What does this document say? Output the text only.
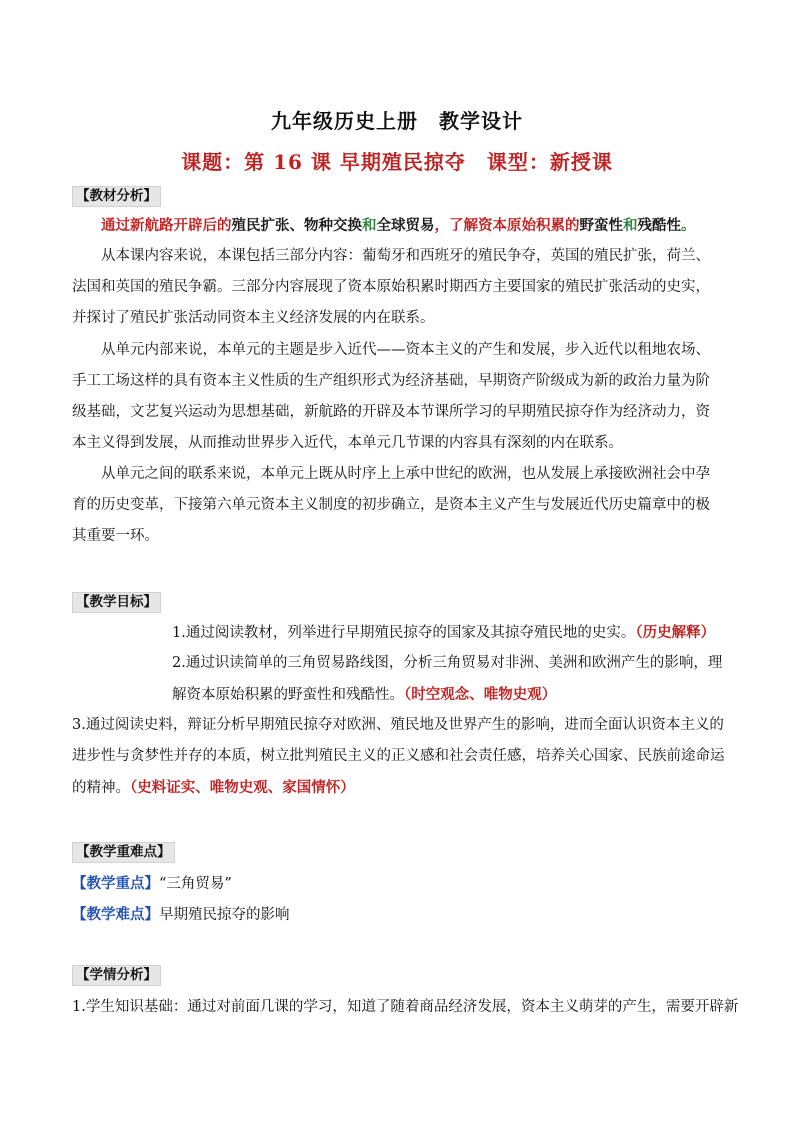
九年级历史上册　教学设计
课题：第 16 课 早期殖民掠夺　课型：新授课
【教材分析】
通过新航路开辟后的殖民扩张、物种交换和全球贸易，了解资本原始积累的野蛮性和残酷性。

从本课内容来说，本课包括三部分内容：葡萄牙和西班牙的殖民争夺，英国的殖民扩张，荷兰、法国和英国的殖民争霸。三部分内容展现了资本原始积累时期西方主要国家的殖民扩张活动的史实，并探讨了殖民扩张活动同资本主义经济发展的内在联系。

从单元内部来说，本单元的主题是步入近代——资本主义的产生和发展，步入近代以租地农场、手工工场这样的具有资本主义性质的生产组织形式为经济基础，早期资产阶级成为新的政治力量为阶级基础，文艺复兴运动为思想基础，新航路的开辟及本节课所学习的早期殖民掠夺作为经济动力，资本主义得到发展，从而推动世界步入近代，本单元几节课的内容具有深刻的内在联系。

从单元之间的联系来说，本单元上既从时序上上承中世纪的欧洲，也从发展上承接欧洲社会中孕育的历史变革，下接第六单元资本主义制度的初步确立，是资本主义产生与发展近代历史篇章中的极其重要一环。

【教学目标】

1.通过阅读教材，列举进行早期殖民掠夺的国家及其掠夺殖民地的史实。（历史解释）

2.通过识读简单的三角贸易路线图，分析三角贸易对非洲、美洲和欧洲产生的影响，理解资本原始积累的野蛮性和残酷性。（时空观念、唯物史观）

3.通过阅读史料，辩证分析早期殖民掠夺对欧洲、殖民地及世界产生的影响，进而全面认识资本主义的进步性与贪梦性并存的本质，树立批判殖民主义的正义感和社会责任感，培养关心国家、民族前途命运的精神。（史料证实、唯物史观、家国情怀）

【教学重难点】
【教学重点】“三角贸易”
【教学难点】早期殖民掠夺的影响
【学情分析】

1.学生知识基础：通过对前面几课的学习，知道了随着商品经济发展，资本主义萌芽的产生，需要开辟新
